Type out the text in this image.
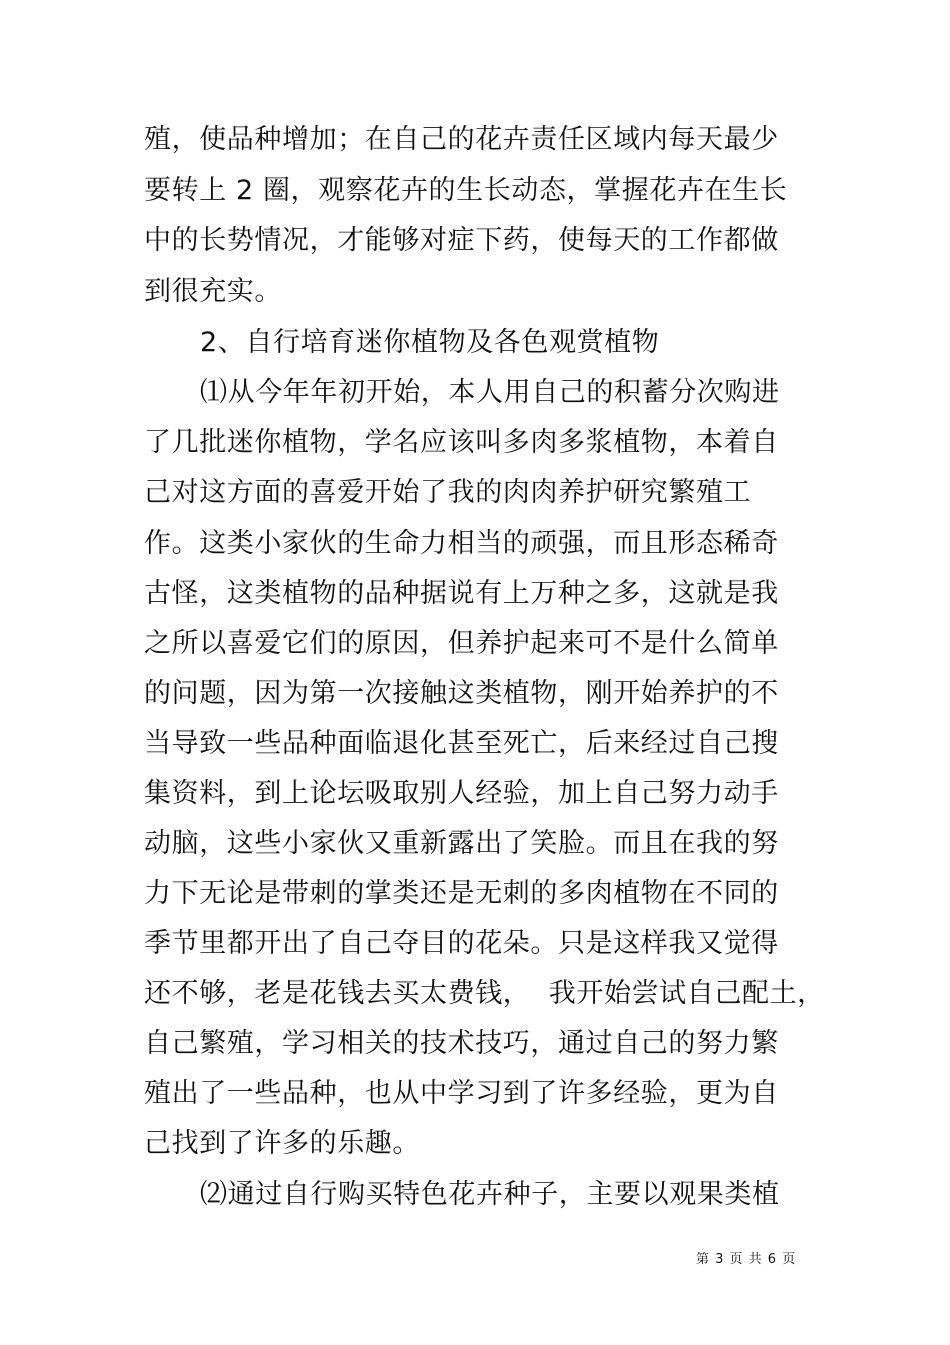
殖，使品种增加；在自己的花卉责任区域内每天最少
要转上 2 圈，观察花卉的生长动态，掌握花卉在生长
中的长势情况，才能够对症下药，使每天的工作都做
到很充实。
2、自行培育迷你植物及各色观赏植物
⑴从今年年初开始，本人用自己的积蓄分次购进
了几批迷你植物，学名应该叫多肉多浆植物，本着自
己对这方面的喜爱开始了我的肉肉养护研究繁殖工
作。这类小家伙的生命力相当的顽强，而且形态稀奇
古怪，这类植物的品种据说有上万种之多，这就是我
之所以喜爱它们的原因，但养护起来可不是什么简单
的问题，因为第一次接触这类植物，刚开始养护的不
当导致一些品种面临退化甚至死亡，后来经过自己搜
集资料，到上论坛吸取别人经验，加上自己努力动手
动脑，这些小家伙又重新露出了笑脸。而且在我的努
力下无论是带刺的掌类还是无刺的多肉植物在不同的
季节里都开出了自己夺目的花朵。只是这样我又觉得
还不够，老是花钱去买太费钱，  我开始尝试自己配土，
自己繁殖，学习相关的技术技巧，通过自己的努力繁
殖出了一些品种，也从中学习到了许多经验，更为自
己找到了许多的乐趣。
⑵通过自行购买特色花卉种子，主要以观果类植
第 3 页 共 6 页
